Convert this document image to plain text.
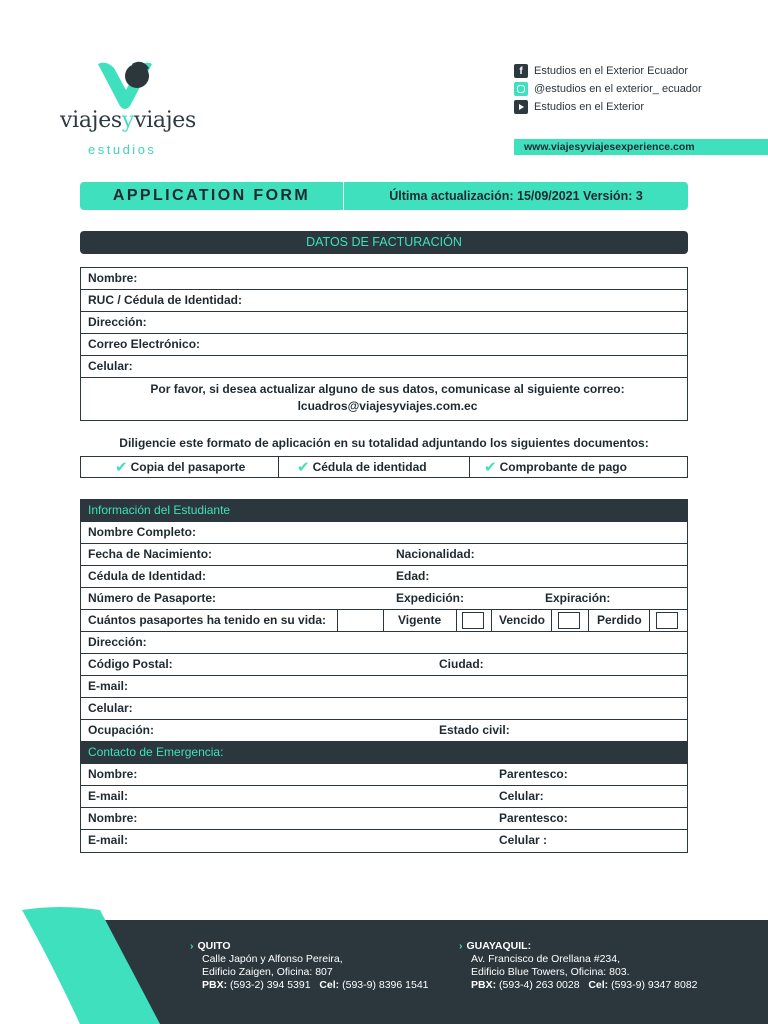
viajesyviajes
estudios
f	Estudios en el Exterior Ecuador
@estudios en el exterior_ ecuador
Estudios en el Exterior
www.viajesyviajesexperience.com
APPLICATION FORM	Última actualización: 15/09/2021 Versión: 3
DATOS DE FACTURACIÓN
Nombre:
RUC / Cédula de Identidad:
Dirección:
Correo Electrónico:
Celular:
Por favor, si desea actualizar alguno de sus datos, comunicase al siguiente correo:
lcuadros@viajesyviajes.com.ec
Diligencie este formato de aplicación en su totalidad adjuntando los siguientes documentos:
✔ Copia del pasaporte	✔ Cédula de identidad	✔ Comprobante de pago
Información del Estudiante
Nombre Completo:
Fecha de Nacimiento:	Nacionalidad:
Cédula de Identidad:	Edad:
Número de Pasaporte:	Expedición:	Expiración:
Cuántos pasaportes ha tenido en su vida:	Vigente	Vencido	Perdido
Dirección:
Código Postal:	Ciudad:
E-mail:
Celular:
Ocupación:	Estado civil:
Contacto de Emergencia:
Nombre:	Parentesco:
E-mail:	Celular:
Nombre:	Parentesco:
E-mail:	Celular :
› QUITO
Calle Japón y Alfonso Pereira,
Edificio Zaigen, Oficina: 807
PBX: (593-2) 394 5391 Cel: (593-9) 8396 1541
› GUAYAQUIL:
Av. Francisco de Orellana #234,
Edificio Blue Towers, Oficina: 803.
PBX: (593-4) 263 0028 Cel: (593-9) 9347 8082
